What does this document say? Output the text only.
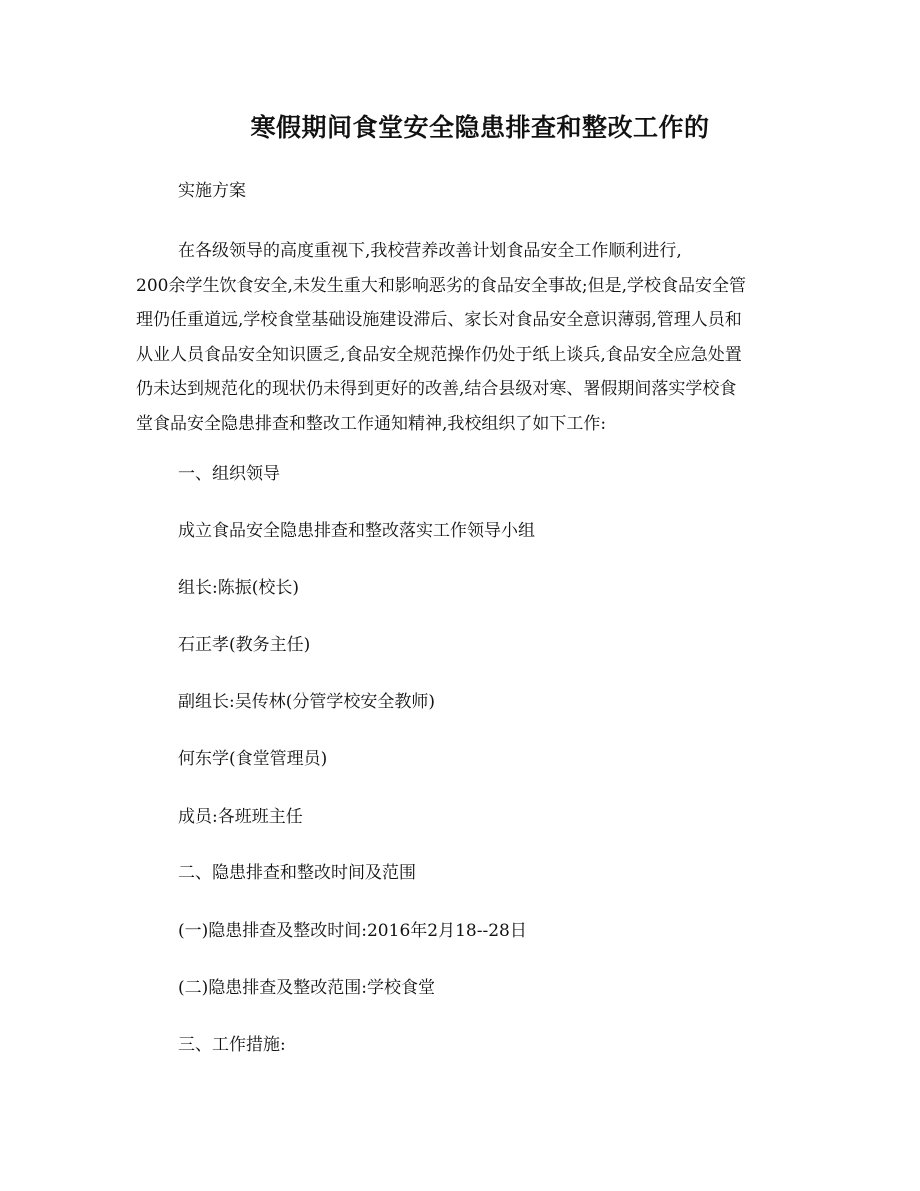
寒假期间食堂安全隐患排查和整改工作的

实施方案

在各级领导的高度重视下,我校营养改善计划食品安全工作顺利进行,
200余学生饮食安全,未发生重大和影响恶劣的食品安全事故;但是,学校食品安全管
理仍任重道远,学校食堂基础设施建设滞后、家长对食品安全意识薄弱,管理人员和
从业人员食品安全知识匮乏,食品安全规范操作仍处于纸上谈兵,食品安全应急处置
仍未达到规范化的现状仍未得到更好的改善,结合县级对寒、署假期间落实学校食
堂食品安全隐患排查和整改工作通知精神,我校组织了如下工作:

一、组织领导

成立食品安全隐患排查和整改落实工作领导小组

组长:陈振(校长)

石正孝(教务主任)

副组长:吴传林(分管学校安全教师)

何东学(食堂管理员)

成员:各班班主任

二、隐患排查和整改时间及范围

(一)隐患排查及整改时间:2016年2月18--28日

(二)隐患排查及整改范围:学校食堂

三、工作措施:
